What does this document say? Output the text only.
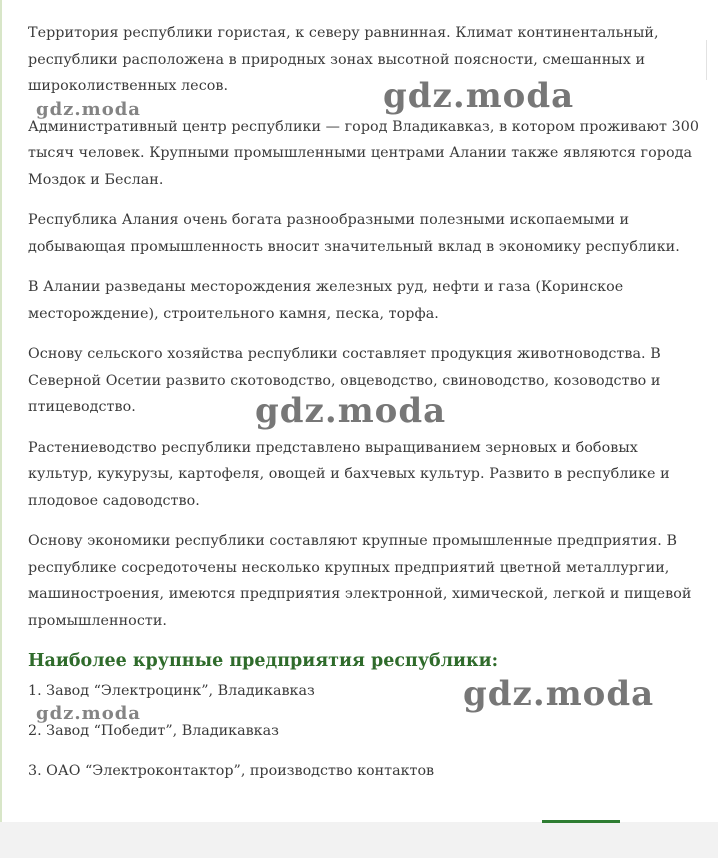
Территория республики гористая, к северу равнинная. Климат континентальный, республики расположена в природных зонах высотной поясности, смешанных и широколиственных лесов.

Административный центр республики — город Владикавказ, в котором проживают 300 тысяч человек. Крупными промышленными центрами Алании также являются города Моздок и Беслан.

Республика Алания очень богата разнообразными полезными ископаемыми и добывающая промышленность вносит значительный вклад в экономику республики.

В Алании разведаны месторождения железных руд, нефти и газа (Коринское месторождение), строительного камня, песка, торфа.

Основу сельского хозяйства республики составляет продукция животноводства. В Северной Осетии развито скотоводство, овцеводство, свиноводство, козоводство и птицеводство.

Растениеводство республики представлено выращиванием зерновых и бобовых культур, кукурузы, картофеля, овощей и бахчевых культур. Развито в республике и плодовое садоводство.

Основу экономики республики составляют крупные промышленные предприятия. В республике сосредоточены несколько крупных предприятий цветной металлургии, машиностроения, имеются предприятия электронной, химической, легкой и пищевой промышленности.

Наиболее крупные предприятия республики:
1. Завод “Электроцинк”, Владикавказ
2. Завод “Победит”, Владикавказ
3. ОАО “Электроконтактор”, производство контактов
gdz.moda	gdz.moda
gdz.moda
gdz.moda
gdz.moda
